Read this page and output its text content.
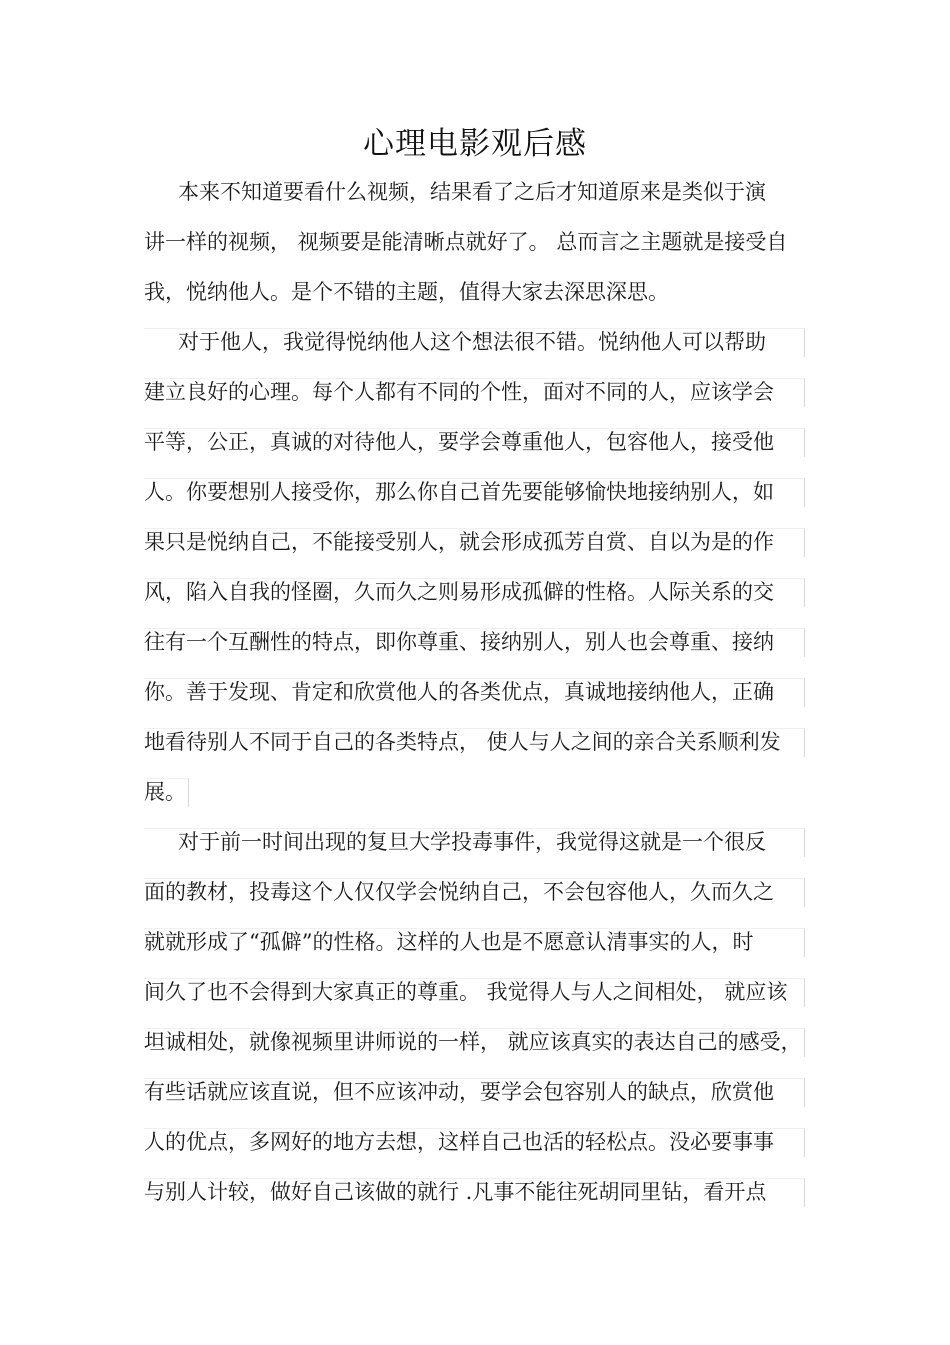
心理电影观后感
本来不知道要看什么视频，结果看了之后才知道原来是类似于演
讲一样的视频， 视频要是能清晰点就好了。 总而言之主题就是接受自
我，悦纳他人。是个不错的主题，值得大家去深思深思。
对于他人，我觉得悦纳他人这个想法很不错。悦纳他人可以帮助
建立良好的心理。每个人都有不同的个性，面对不同的人，应该学会
平等，公正，真诚的对待他人，要学会尊重他人，包容他人，接受他
人。你要想别人接受你，那么你自己首先要能够愉快地接纳别人，如
果只是悦纳自己，不能接受别人，就会形成孤芳自赏、自以为是的作
风，陷入自我的怪圈，久而久之则易形成孤僻的性格。人际关系的交
往有一个互酬性的特点，即你尊重、接纳别人，别人也会尊重、接纳
你。善于发现、肯定和欣赏他人的各类优点，真诚地接纳他人，正确
地看待别人不同于自己的各类特点， 使人与人之间的亲合关系顺利发
展。
对于前一时间出现的复旦大学投毒事件，我觉得这就是一个很反
面的教材，投毒这个人仅仅学会悦纳自己，不会包容他人，久而久之
就就形成了“孤僻”的性格。这样的人也是不愿意认清事实的人，时
间久了也不会得到大家真正的尊重。 我觉得人与人之间相处， 就应该
坦诚相处，就像视频里讲师说的一样， 就应该真实的表达自己的感受，
有些话就应该直说，但不应该冲动，要学会包容别人的缺点，欣赏他
人的优点，多网好的地方去想，这样自己也活的轻松点。没必要事事
与别人计较，做好自己该做的就行 .凡事不能往死胡同里钻，看开点
